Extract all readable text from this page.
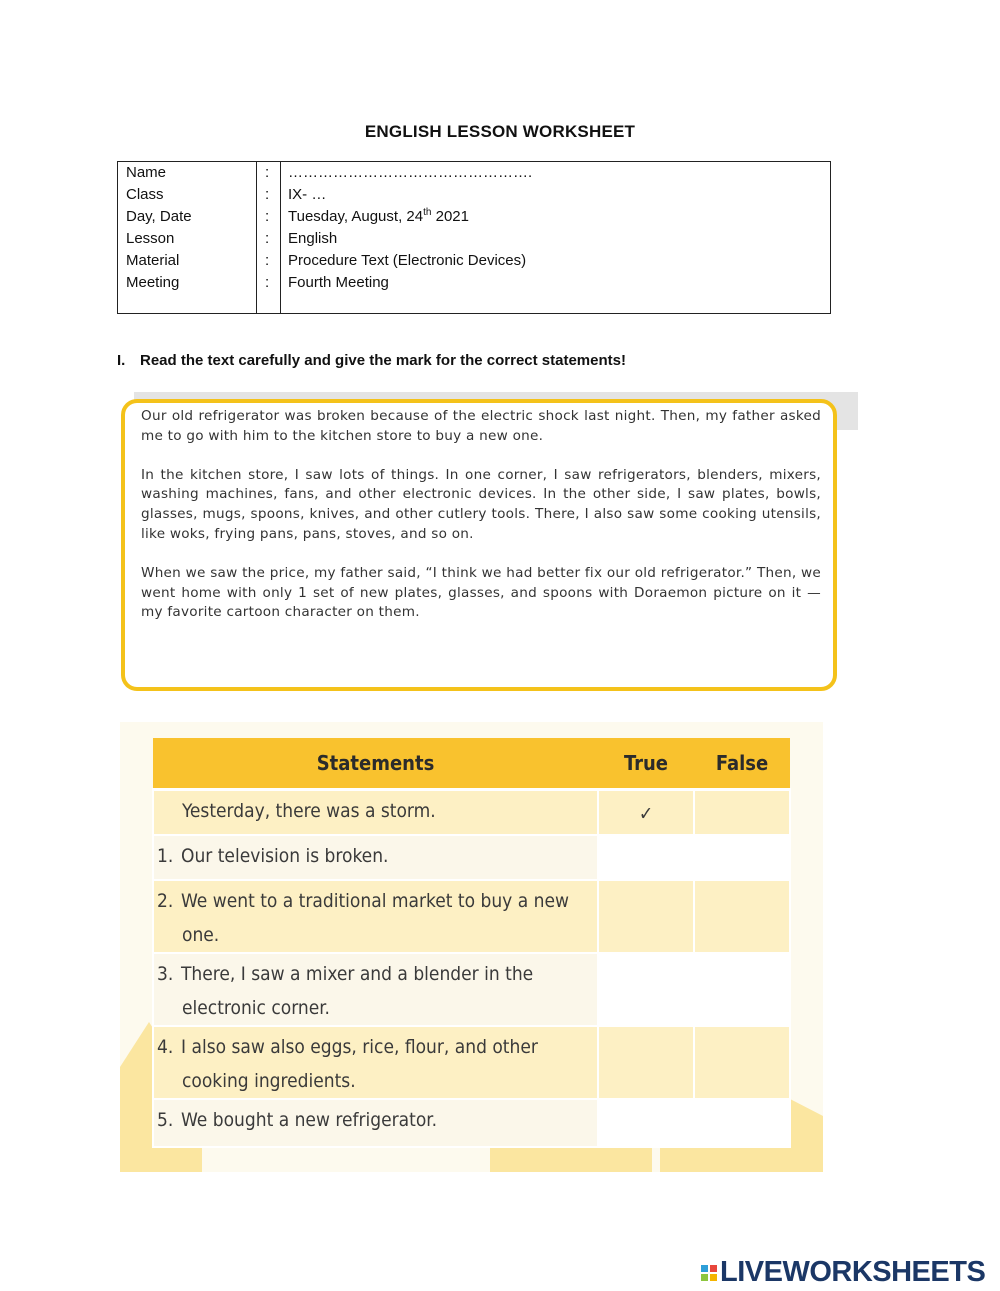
ENGLISH LESSON WORKSHEET
Name	: ………………………………………….
Class	: IX- …
Day, Date	: Tuesday, August, 24th 2021
Lesson	: English
Material	: Procedure Text (Electronic Devices)
Meeting	: Fourth Meeting
I. Read the text carefully and give the mark for the correct statements!

Our old refrigerator was broken because of the electric shock last night. Then, my father asked me to go with him to the kitchen store to buy a new one.

In the kitchen store, I saw lots of things. In one corner, I saw refrigerators, blenders, mixers, washing machines, fans, and other electronic devices. In the other side, I saw plates, bowls, glasses, mugs, spoons, knives, and other cutlery tools. There, I also saw some cooking utensils, like woks, frying pans, pans, stoves, and so on.

When we saw the price, my father said, “I think we had better fix our old refrigerator.” Then, we went home with only 1 set of new plates, glasses, and spoons with Doraemon picture on it — my favorite cartoon character on them.

Statements	True	False
Yesterday, there was a storm.	✓	
1. Our television is broken.		
2. We went to a traditional market to buy a new one.		
3. There, I saw a mixer and a blender in the electronic corner.		
4. I also saw also eggs, rice, flour, and other cooking ingredients.		
5. We bought a new refrigerator.		

LIVEWORKSHEETS
